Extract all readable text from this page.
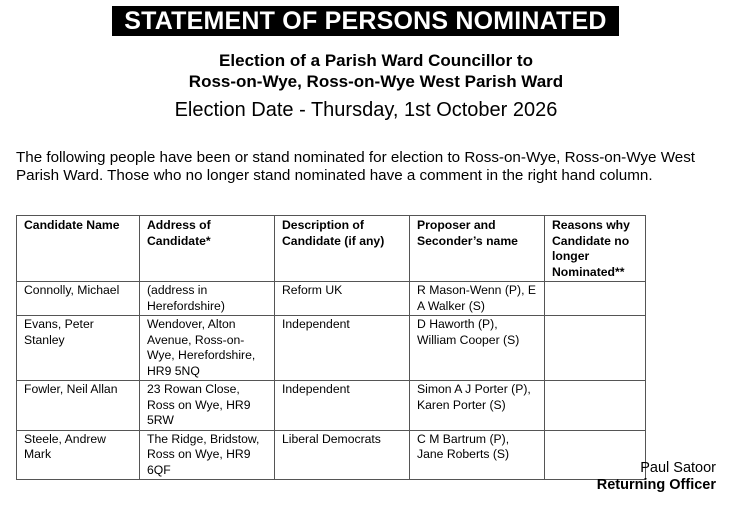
STATEMENT OF PERSONS NOMINATED
Election of a Parish Ward Councillor to
Ross-on-Wye, Ross-on-Wye West Parish Ward
Election Date - Thursday, 1st October 2026
The following people have been or stand nominated for election to Ross-on-Wye, Ross-on-Wye West Parish Ward. Those who no longer stand nominated have a comment in the right hand column.
Candidate Name	Address of Candidate*	Description of Candidate (if any)	Proposer and Seconder’s name	Reasons why Candidate no longer Nominated**
Connolly, Michael	(address in Herefordshire)	Reform UK	R Mason-Wenn (P), E A Walker (S)	
Evans, Peter Stanley	Wendover, Alton Avenue, Ross-on-Wye, Herefordshire, HR9 5NQ	Independent	D Haworth (P), William Cooper (S)	
Fowler, Neil Allan	23 Rowan Close, Ross on Wye, HR9 5RW	Independent	Simon A J Porter (P), Karen Porter (S)	
Steele, Andrew Mark	The Ridge, Bridstow, Ross on Wye, HR9 6QF	Liberal Democrats	C M Bartrum (P), Jane Roberts (S)	
Paul Satoor
Returning Officer
